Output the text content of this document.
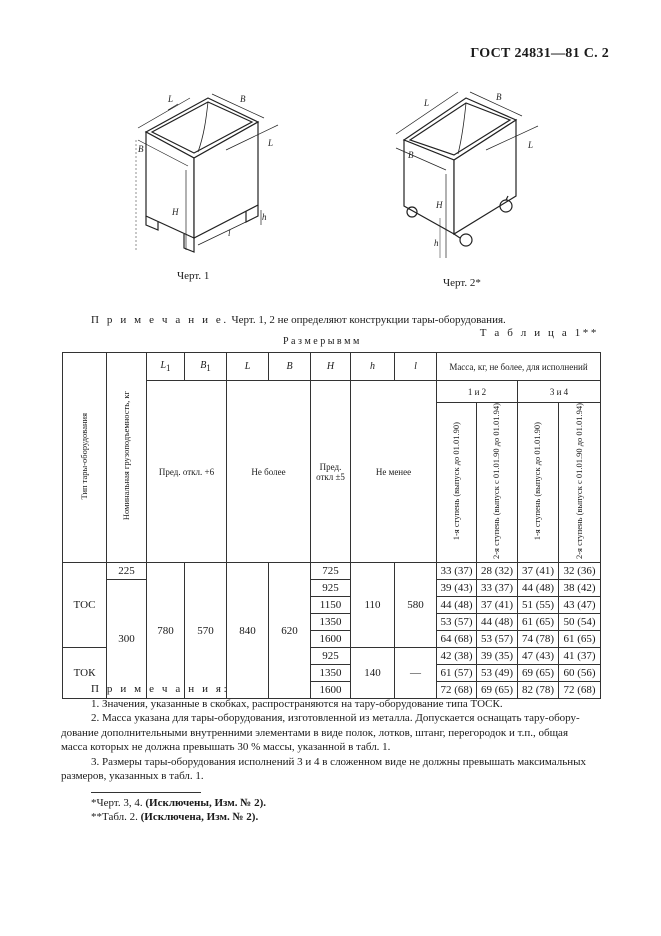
ГОСТ 24831—81 С. 2
L	B
B
L
H
l
h
Черт. 1
L
B
B
L
H
h
Черт. 2*
П р и м е ч а н и е. Черт. 1, 2 не определяют конструкции тары-оборудования.
Т а б л и ц а 1**
Р а з м е р ы в м м
Тип тары-оборудования	Номинальная грузоподъемность, кг	$L_1$	$B_1$	L	B	H	h	l	Масса, кг, не более, для исполнений			
		Пред. откл. +6		Не более		Пред. откл ±5	Не менее		1 и 2		3 и 4	
									1-я ступень (выпуск до 01.01.90)	2-я ступень (выпуск с 01.01.90 до 01.01.94)	1-я ступень (выпуск до 01.01.90)	2-я ступень (выпуск с 01.01.90 до 01.01.94)
ТОС	225	780	570	840	620	725	110	580	33 (37)	28 (32)	37 (41)	32 (36)
	300					925			39 (43)	33 (37)	44 (48)	38 (42)
						1150			44 (48)	37 (41)	51 (55)	43 (47)
						1350			53 (57)	44 (48)	61 (65)	50 (54)
						1600			64 (68)	53 (57)	74 (78)	61 (65)
ТОК						925	140	—	42 (38)	39 (35)	47 (43)	41 (37)
						1350			61 (57)	53 (49)	69 (65)	60 (56)
						1600			72 (68)	69 (65)	82 (78)	72 (68)

П р и м е ч а н и я:

1. Значения, указанные в скобках, распространяются на тару-оборудование типа ТОСК.

2. Масса указана для тары-оборудования, изготовленной из металла. Допускается оснащать тару-обору-

дование дополнительными внутренними элементами в виде полок, лотков, штанг, перегородок и т.п., общая

масса которых не должна превышать 30 % массы, указанной в табл. 1.

3. Размеры тары-оборудования исполнений 3 и 4 в сложенном виде не должны превышать максимальных

размеров, указанных в табл. 1.

*Черт. 3, 4. (Исключены, Изм. № 2).
**Табл. 2. (Исключена, Изм. № 2).
